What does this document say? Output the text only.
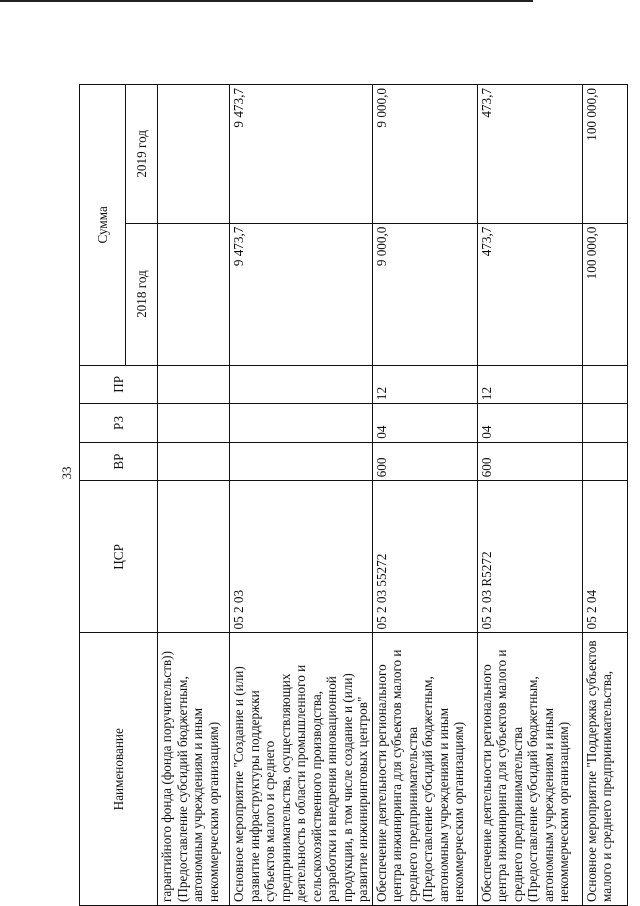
33
Наименование	ЦСР	ВР	РЗ	ПР	Сумма	
					2018 год	2019 год
гарантийного фонда (фонда поручительств)) (Предоставление субсидий бюджетным, автономным учреждениям и иным некоммерческим организациям)						
Основное мероприятие "Создание и (или) развитие инфраструктуры поддержки субъектов малого и среднего предпринимательства, осуществляющих деятельность в области промышленного и сельскохозяйственного производства, разработки и внедрения инновационной продукции, в том числе создание и (или) развитие инжиниринговых центров"	05 2 03				9 473,7	9 473,7
Обеспечение деятельности регионального центра инжиниринга для субъектов малого и среднего предпринимательства (Предоставление субсидий бюджетным, автономным учреждениям и иным некоммерческим организациям)	05 2 03 55272	600	04	12	9 000,0	9 000,0
Обеспечение деятельности регионального центра инжиниринга для субъектов малого и среднего предпринимательства (Предоставление субсидий бюджетным, автономным учреждениям и иным некоммерческим организациям)	05 2 03 R5272	600	04	12	473,7	473,7
Основное мероприятие "Поддержка субъектов малого и среднего предпринимательства,	05 2 04				100 000,0	100 000,0
